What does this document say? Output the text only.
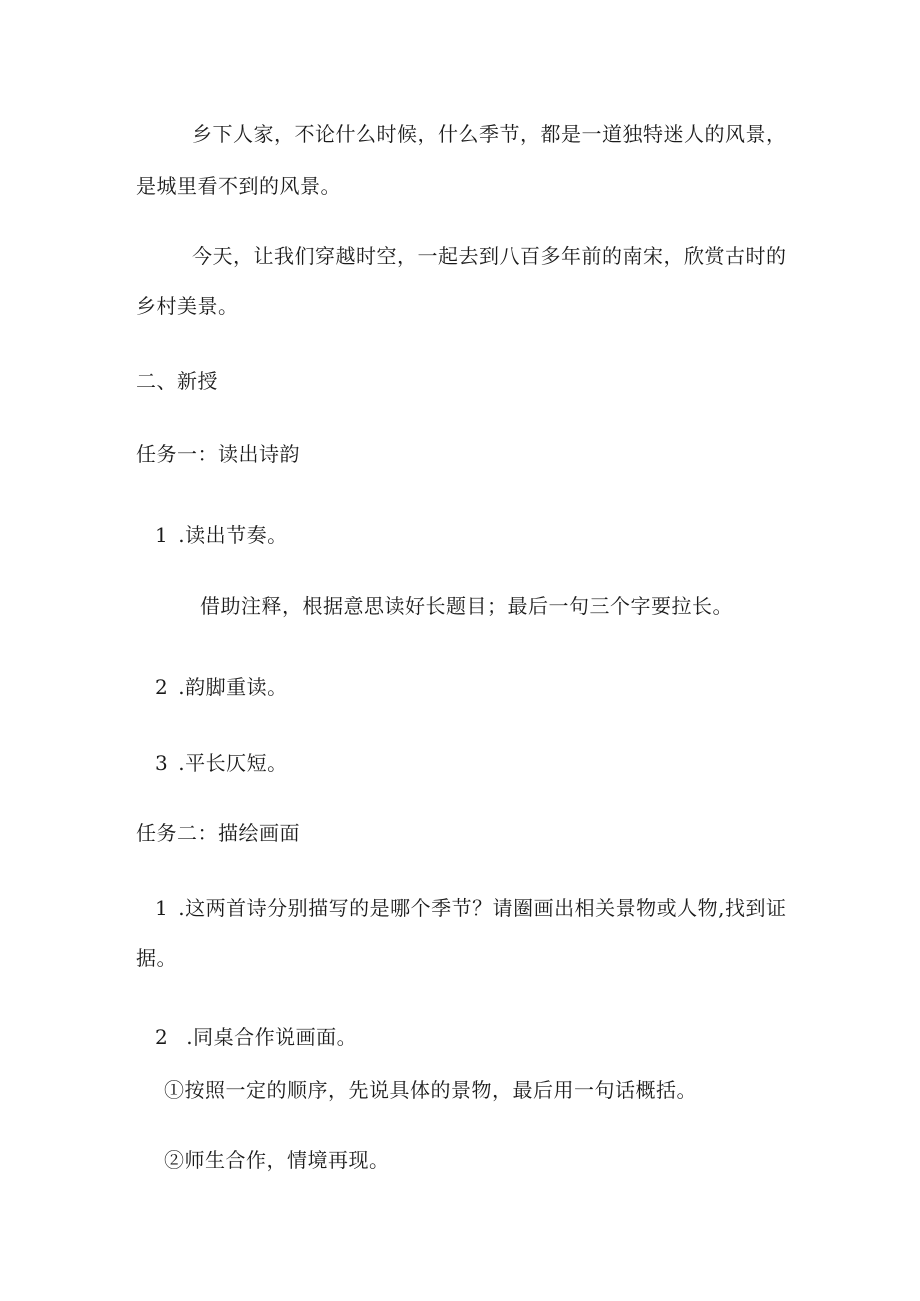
乡下人家，不论什么时候，什么季节，都是一道独特迷人的风景，
是城里看不到的风景。
今天，让我们穿越时空，一起去到八百多年前的南宋，欣赏古时的
乡村美景。
二、新授
任务一：读出诗韵
1 .读出节奏。
借助注释，根据意思读好长题目；最后一句三个字要拉长。
2 .韵脚重读。
3 .平长仄短。
任务二：描绘画面
1 .这两首诗分别描写的是哪个季节？请圈画出相关景物或人物,找到证
据。
2 .同桌合作说画面。
①按照一定的顺序，先说具体的景物，最后用一句话概括。
②师生合作，情境再现。
